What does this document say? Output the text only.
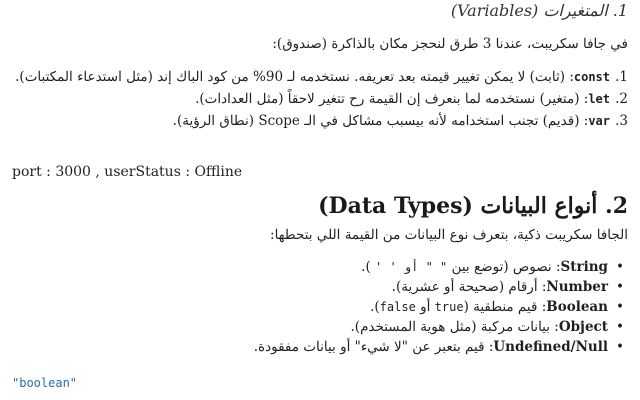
1. المتغيرات (Variables)
في جافا سكريبت، عندنا 3 طرق لنحجز مكان بالذاكرة (صندوق):
1.
const: (ثابت) لا يمكن تغيير قيمته بعد تعريفه. نستخدمه لـ 90% من كود الباك إند (مثل استدعاء المكتبات).
2.
let: (متغير) نستخدمه لما بنعرف إن القيمة رح تتغير لاحقاً (مثل العدادات).
3.
var: (قديم) تجنب استخدامه لأنه بيسبب مشاكل في الـ Scope (نطاق الرؤية).
port : 3000 , userStatus : Offline
2. أنواع البيانات (Data Types)
الجافا سكريبت ذكية، بتعرف نوع البيانات من القيمة اللي بتحطها:
•
String: نصوص (توضع بين " " أو ' ' ).
•
Number: أرقام (صحيحة أو عشرية).
•
Boolean: قيم منطقية (true أو false).
•
Object: بيانات مركبة (مثل هوية المستخدم).
•
Undefined/Null: قيم بتعبر عن "لا شيء" أو بيانات مفقودة.
"boolean"
